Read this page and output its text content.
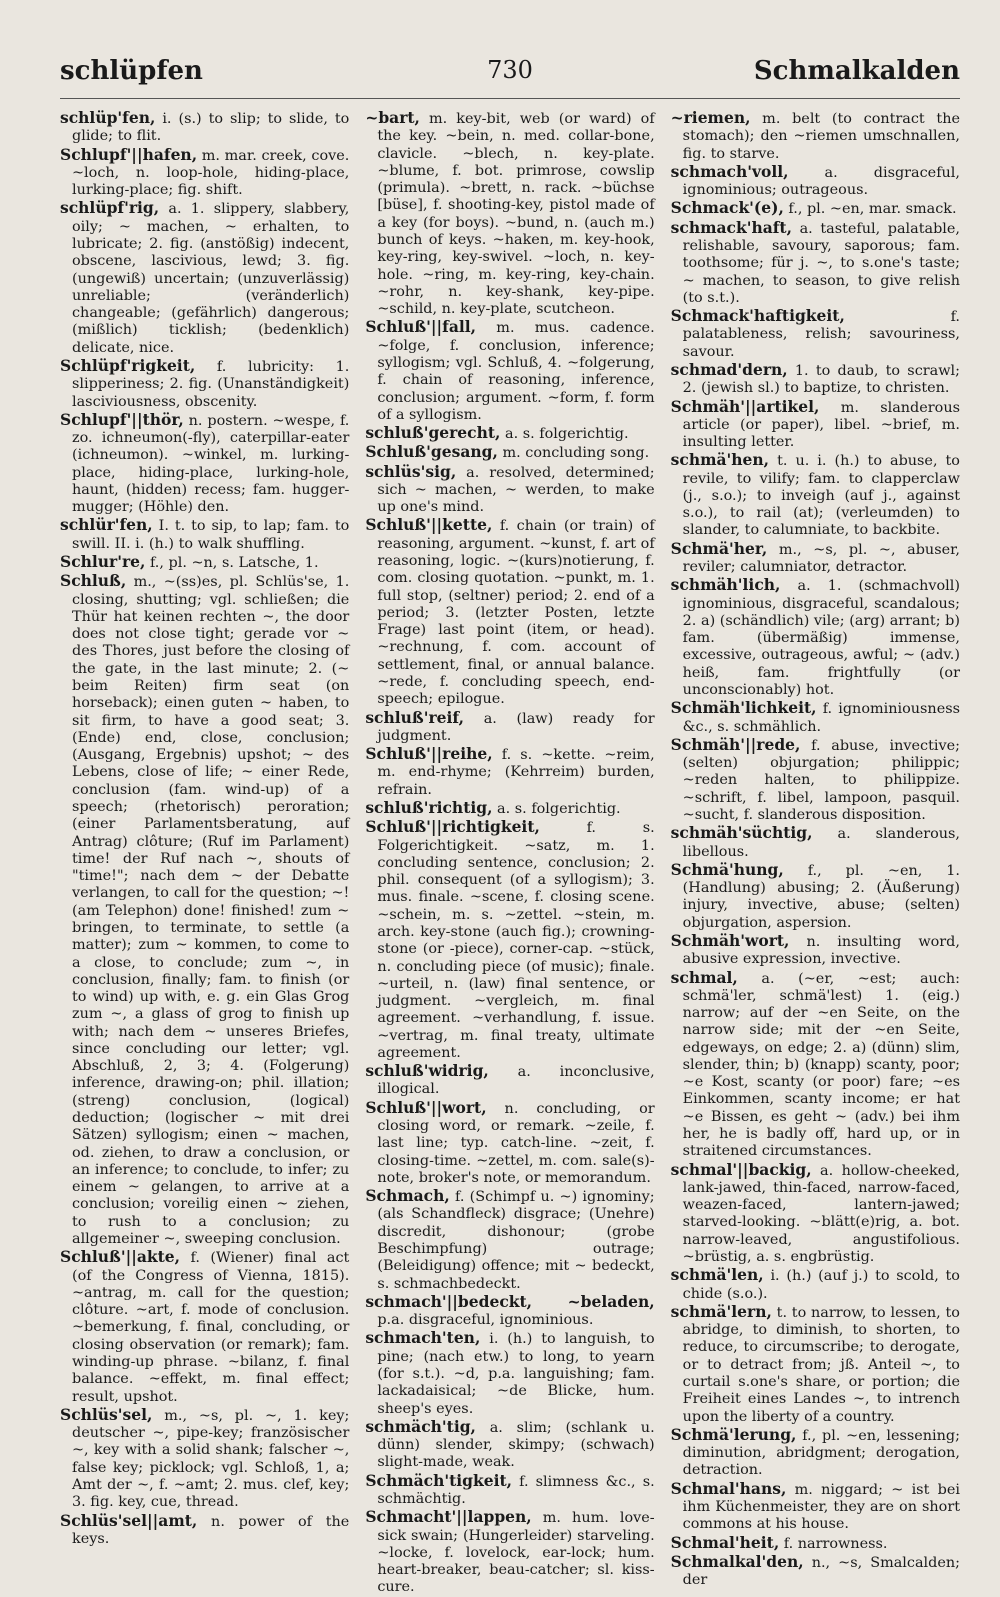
schlüpfen	730	Schmalkalden
schlüp'fen, i. (s.) to slip; to slide, to glide; to flit.
Schlupf'||hafen, m. mar. creek, cove. ~loch, n. loop-hole, hiding-place, lurking-place; fig. shift.
schlüpf'rig, a. 1. slippery, slabbery, oily; ~ machen, ~ erhalten, to lubricate; 2. fig. (anstößig) indecent, obscene, lascivious, lewd; 3. fig. (ungewiß) uncertain; (unzuverlässig) unreliable; (veränderlich) changeable; (gefährlich) dangerous; (mißlich) ticklish; (bedenklich) delicate, nice.
Schlüpf'rigkeit, f. lubricity: 1. slipperiness; 2. fig. (Unanständigkeit) lasciviousness, obscenity.
Schlupf'||thör, n. postern. ~wespe, f. zo. ichneumon(-fly), caterpillar-eater (ichneumon). ~winkel, m. lurking-place, hiding-place, lurking-hole, haunt, (hidden) recess; fam. hugger-mugger; (Höhle) den.
schlür'fen, I. t. to sip, to lap; fam. to swill. II. i. (h.) to walk shuffling.
Schlur're, f., pl. ~n, s. Latsche, 1.
Schluß, m., ~(ss)es, pl. Schlüs'se, 1. closing, shutting; vgl. schließen; die Thür hat keinen rechten ~, the door does not close tight; gerade vor ~ des Thores, just before the closing of the gate, in the last minute; 2. (~ beim Reiten) firm seat (on horseback); einen guten ~ haben, to sit firm, to have a good seat; 3. (Ende) end, close, conclusion; (Ausgang, Ergebnis) upshot; ~ des Lebens, close of life; ~ einer Rede, conclusion (fam. wind-up) of a speech; (rhetorisch) peroration; (einer Parlamentsberatung, auf Antrag) clôture; (Ruf im Parlament) time! der Ruf nach ~, shouts of "time!"; nach dem ~ der Debatte verlangen, to call for the question; ~! (am Telephon) done! finished! zum ~ bringen, to terminate, to settle (a matter); zum ~ kommen, to come to a close, to conclude; zum ~, in conclusion, finally; fam. to finish (or to wind) up with, e. g. ein Glas Grog zum ~, a glass of grog to finish up with; nach dem ~ unseres Briefes, since concluding our letter; vgl. Abschluß, 2, 3; 4. (Folgerung) inference, drawing-on; phil. illation; (streng) conclusion, (logical) deduction; (logischer ~ mit drei Sätzen) syllogism; einen ~ machen, od. ziehen, to draw a conclusion, or an inference; to conclude, to infer; zu einem ~ gelangen, to arrive at a conclusion; voreilig einen ~ ziehen, to rush to a conclusion; zu allgemeiner ~, sweeping conclusion.
Schluß'||akte, f. (Wiener) final act (of the Congress of Vienna, 1815). ~antrag, m. call for the question; clôture. ~art, f. mode of conclusion. ~bemerkung, f. final, concluding, or closing observation (or remark); fam. winding-up phrase. ~bilanz, f. final balance. ~effekt, m. final effect; result, upshot.
Schlüs'sel, m., ~s, pl. ~, 1. key; deutscher ~, pipe-key; französischer ~, key with a solid shank; falscher ~, false key; picklock; vgl. Schloß, 1, a; Amt der ~, f. ~amt; 2. mus. clef, key; 3. fig. key, cue, thread.
Schlüs'sel||amt, n. power of the keys.
~bart, m. key-bit, web (or ward) of the key. ~bein, n. med. collar-bone, clavicle. ~blech, n. key-plate. ~blume, f. bot. primrose, cowslip (primula). ~brett, n. rack. ~büchse [büse], f. shooting-key, pistol made of a key (for boys). ~bund, n. (auch m.) bunch of keys. ~haken, m. key-hook, key-ring, key-swivel. ~loch, n. key-hole. ~ring, m. key-ring, key-chain. ~rohr, n. key-shank, key-pipe. ~schild, n. key-plate, scutcheon.
Schluß'||fall, m. mus. cadence. ~folge, f. conclusion, inference; syllogism; vgl. Schluß, 4. ~folgerung, f. chain of reasoning, inference, conclusion; argument. ~form, f. form of a syllogism.
schluß'gerecht, a. s. folgerichtig.
Schluß'gesang, m. concluding song.
schlüs'sig, a. resolved, determined; sich ~ machen, ~ werden, to make up one's mind.
Schluß'||kette, f. chain (or train) of reasoning, argument. ~kunst, f. art of reasoning, logic. ~(kurs)notierung, f. com. closing quotation. ~punkt, m. 1. full stop, (seltner) period; 2. end of a period; 3. (letzter Posten, letzte Frage) last point (item, or head). ~rechnung, f. com. account of settlement, final, or annual balance. ~rede, f. concluding speech, end-speech; epilogue.
schluß'reif, a. (law) ready for judgment.
Schluß'||reihe, f. s. ~kette. ~reim, m. end-rhyme; (Kehrreim) burden, refrain.
schluß'richtig, a. s. folgerichtig.
Schluß'||richtigkeit, f. s. Folgerichtigkeit. ~satz, m. 1. concluding sentence, conclusion; 2. phil. consequent (of a syllogism); 3. mus. finale. ~scene, f. closing scene. ~schein, m. s. ~zettel. ~stein, m. arch. key-stone (auch fig.); crowning-stone (or -piece), corner-cap. ~stück, n. concluding piece (of music); finale. ~urteil, n. (law) final sentence, or judgment. ~vergleich, m. final agreement. ~verhandlung, f. issue. ~vertrag, m. final treaty, ultimate agreement.
schluß'widrig, a. inconclusive, illogical.
Schluß'||wort, n. concluding, or closing word, or remark. ~zeile, f. last line; typ. catch-line. ~zeit, f. closing-time. ~zettel, m. com. sale(s)-note, broker's note, or memorandum.
Schmach, f. (Schimpf u. ~) ignominy; (als Schandfleck) disgrace; (Unehre) discredit, dishonour; (grobe Beschimpfung) outrage; (Beleidigung) offence; mit ~ bedeckt, s. schmachbedeckt.
schmach'||bedeckt, ~beladen, p.a. disgraceful, ignominious.
schmach'ten, i. (h.) to languish, to pine; (nach etw.) to long, to yearn (for s.t.). ~d, p.a. languishing; fam. lackadaisical; ~de Blicke, hum. sheep's eyes.
schmäch'tig, a. slim; (schlank u. dünn) slender, skimpy; (schwach) slight-made, weak.
Schmäch'tigkeit, f. slimness &c., s. schmächtig.
Schmacht'||lappen, m. hum. love-sick swain; (Hungerleider) starveling. ~locke, f. lovelock, ear-lock; hum. heart-breaker, beau-catcher; sl. kiss-cure.
~riemen, m. belt (to contract the stomach); den ~riemen umschnallen, fig. to starve.
schmach'voll, a. disgraceful, ignominious; outrageous.
Schmack'(e), f., pl. ~en, mar. smack.
schmack'haft, a. tasteful, palatable, relishable, savoury, saporous; fam. toothsome; für j. ~, to s.one's taste; ~ machen, to season, to give relish (to s.t.).
Schmack'haftigkeit, f. palatableness, relish; savouriness, savour.
schmad'dern, 1. to daub, to scrawl; 2. (jewish sl.) to baptize, to christen.
Schmäh'||artikel, m. slanderous article (or paper), libel. ~brief, m. insulting letter.
schmä'hen, t. u. i. (h.) to abuse, to revile, to vilify; fam. to clapperclaw (j., s.o.); to inveigh (auf j., against s.o.), to rail (at); (verleumden) to slander, to calumniate, to backbite.
Schmä'her, m., ~s, pl. ~, abuser, reviler; calumniator, detractor.
schmäh'lich, a. 1. (schmachvoll) ignominious, disgraceful, scandalous; 2. a) (schändlich) vile; (arg) arrant; b) fam. (übermäßig) immense, excessive, outrageous, awful; ~ (adv.) heiß, fam. frightfully (or unconscionably) hot.
Schmäh'lichkeit, f. ignominiousness &c., s. schmählich.
Schmäh'||rede, f. abuse, invective; (selten) objurgation; philippic; ~reden halten, to philippize. ~schrift, f. libel, lampoon, pasquil. ~sucht, f. slanderous disposition.
schmäh'süchtig, a. slanderous, libellous.
Schmä'hung, f., pl. ~en, 1. (Handlung) abusing; 2. (Äußerung) injury, invective, abuse; (selten) objurgation, aspersion.
Schmäh'wort, n. insulting word, abusive expression, invective.
schmal, a. (~er, ~est; auch: schmä'ler, schmä'lest) 1. (eig.) narrow; auf der ~en Seite, on the narrow side; mit der ~en Seite, edgeways, on edge; 2. a) (dünn) slim, slender, thin; b) (knapp) scanty, poor; ~e Kost, scanty (or poor) fare; ~es Einkommen, scanty income; er hat ~e Bissen, es geht ~ (adv.) bei ihm her, he is badly off, hard up, or in straitened circumstances.
schmal'||backig, a. hollow-cheeked, lank-jawed, thin-faced, narrow-faced, weazen-faced, lantern-jawed; starved-looking. ~blätt(e)rig, a. bot. narrow-leaved, angustifolious. ~brüstig, a. s. engbrüstig.
schmä'len, i. (h.) (auf j.) to scold, to chide (s.o.).
schmä'lern, t. to narrow, to lessen, to abridge, to diminish, to shorten, to reduce, to circumscribe; to derogate, or to detract from; jß. Anteil ~, to curtail s.one's share, or portion; die Freiheit eines Landes ~, to intrench upon the liberty of a country.
Schmä'lerung, f., pl. ~en, lessening; diminution, abridgment; derogation, detraction.
Schmal'hans, m. niggard; ~ ist bei ihm Küchenmeister, they are on short commons at his house.
Schmal'heit, f. narrowness.
Schmalkal'den, n., ~s, Smalcalden; der
